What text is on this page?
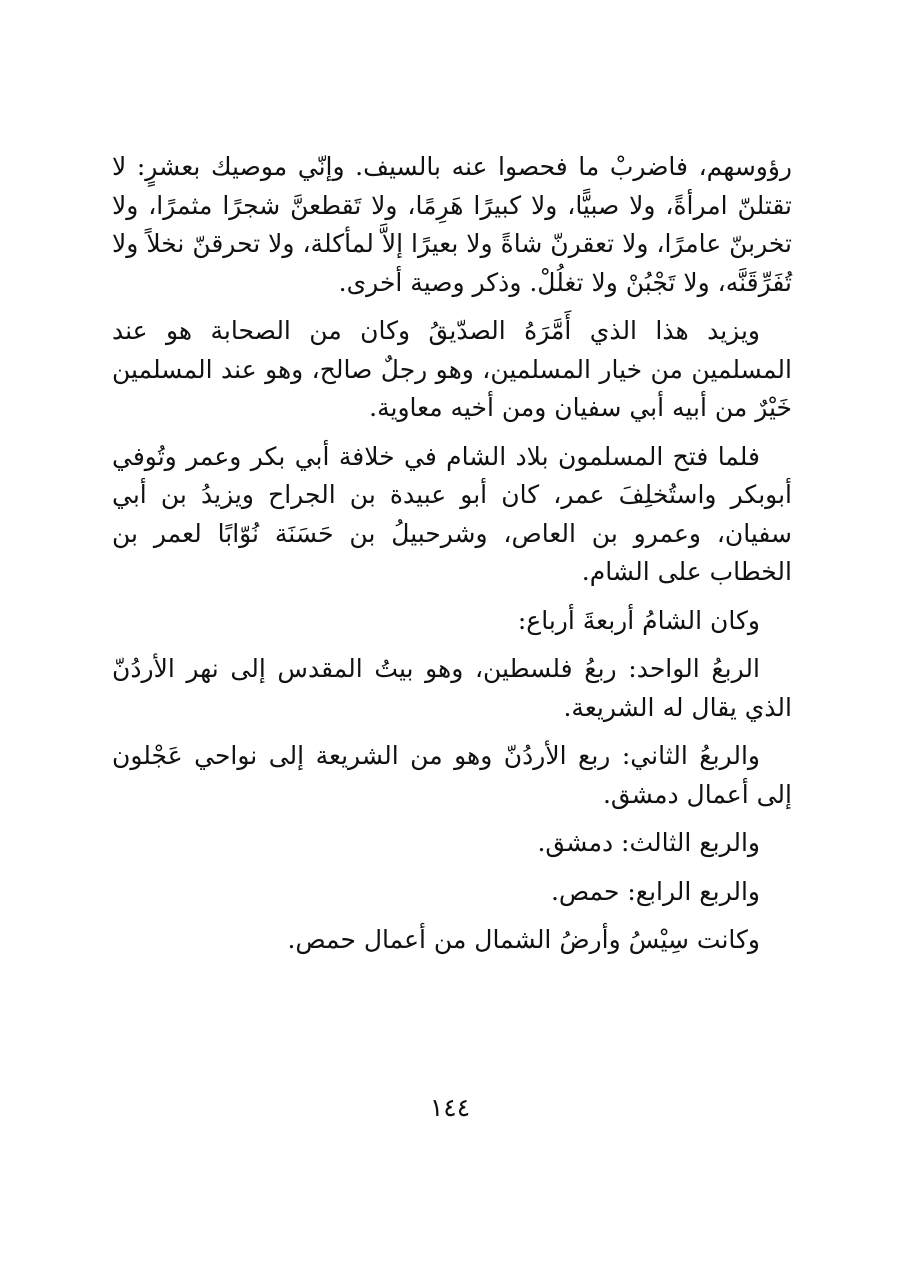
رؤوسهم، فاضربْ ما فحصوا عنه بالسيف. وإنّي موصيك بعشرٍ: لا تقتلنّ امرأةً، ولا صبيًّا، ولا كبيرًا هَرِمًا، ولا تَقطعنَّ شجرًا مثمرًا، ولا تخربنّ عامرًا، ولا تعقرنّ شاةً ولا بعيرًا إلاَّ لمأكلة، ولا تحرقنّ نخلاً ولا تُفَرِّقَنَّه، ولا تَجْبُنْ ولا تغلُلْ. وذكر وصية أخرى.

ويزيد هذا الذي أَمَّرَهُ الصدّيقُ وكان من الصحابة هو عند المسلمين من خيار المسلمين، وهو رجلٌ صالح، وهو عند المسلمين خَيْرٌ من أبيه أبي سفيان ومن أخيه معاوية.

فلما فتح المسلمون بلاد الشام في خلافة أبي بكر وعمر وتُوفي أبوبكر واستُخلِفَ عمر، كان أبو عبيدة بن الجراح ويزيدُ بن أبي سفيان، وعمرو بن العاص، وشرحبيلُ بن حَسَنَة نُوّابًا لعمر بن الخطاب على الشام.

وكان الشامُ أربعةَ أرباع:

الربعُ الواحد: ربعُ فلسطين، وهو بيتُ المقدس إلى نهر الأردُنّ الذي يقال له الشريعة.

والربعُ الثاني: ربع الأردُنّ وهو من الشريعة إلى نواحي عَجْلون إلى أعمال دمشق.

والربع الثالث: دمشق.

والربع الرابع: حمص.

وكانت سِيْسُ وأرضُ الشمال من أعمال حمص.

١٤٤
